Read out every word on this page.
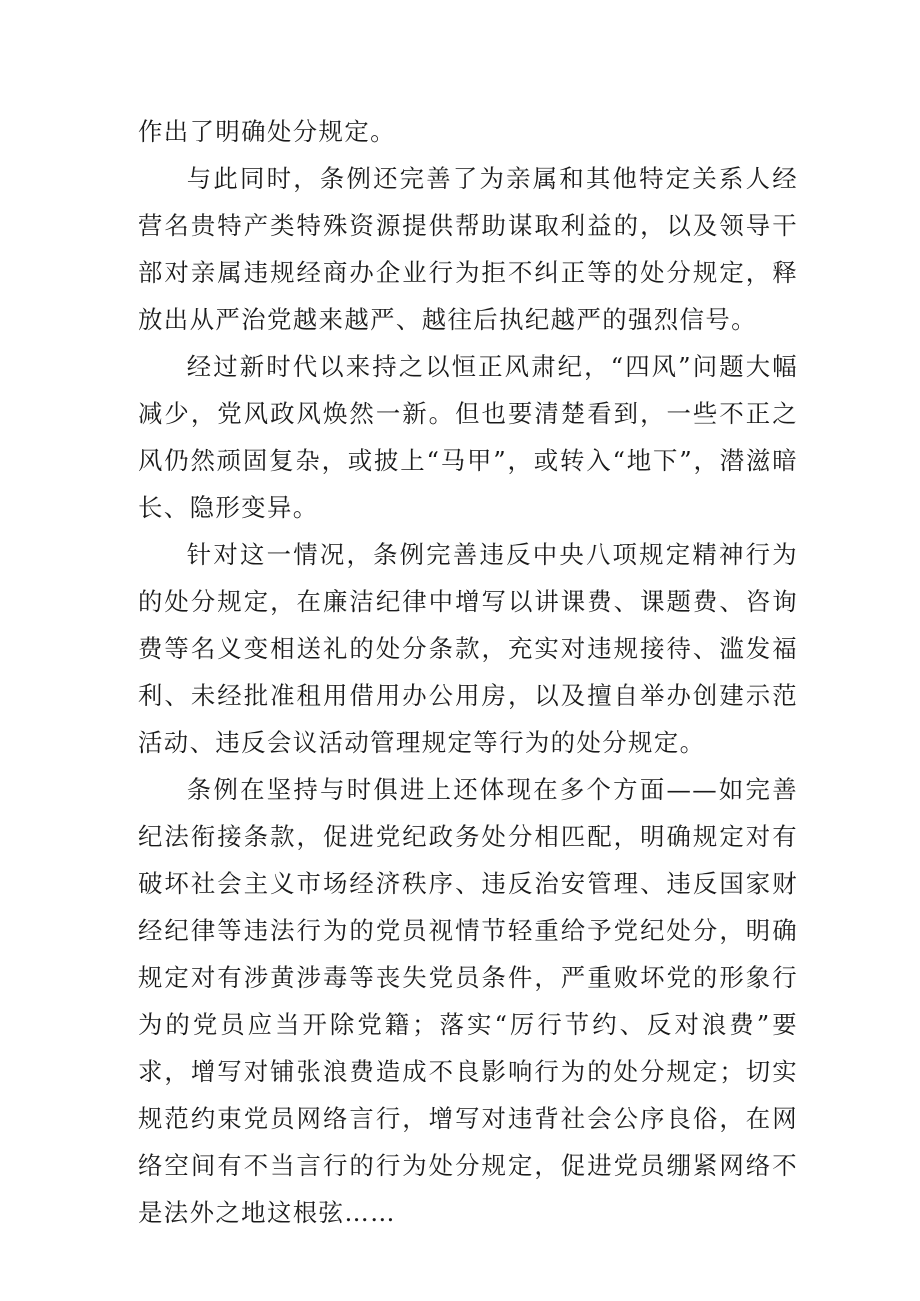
作出了明确处分规定。

与此同时，条例还完善了为亲属和其他特定关系人经营名贵特产类特殊资源提供帮助谋取利益的，以及领导干部对亲属违规经商办企业行为拒不纠正等的处分规定，释放出从严治党越来越严、越往后执纪越严的强烈信号。

经过新时代以来持之以恒正风肃纪，“四风”问题大幅减少，党风政风焕然一新。但也要清楚看到，一些不正之风仍然顽固复杂，或披上“马甲”，或转入“地下”，潜滋暗长、隐形变异。

针对这一情况，条例完善违反中央八项规定精神行为的处分规定，在廉洁纪律中增写以讲课费、课题费、咨询费等名义变相送礼的处分条款，充实对违规接待、滥发福利、未经批准租用借用办公用房，以及擅自举办创建示范活动、违反会议活动管理规定等行为的处分规定。

条例在坚持与时俱进上还体现在多个方面——如完善纪法衔接条款，促进党纪政务处分相匹配，明确规定对有破坏社会主义市场经济秩序、违反治安管理、违反国家财经纪律等违法行为的党员视情节轻重给予党纪处分，明确规定对有涉黄涉毒等丧失党员条件，严重败坏党的形象行为的党员应当开除党籍；落实“厉行节约、反对浪费”要求，增写对铺张浪费造成不良影响行为的处分规定；切实规范约束党员网络言行，增写对违背社会公序良俗，在网络空间有不当言行的行为处分规定，促进党员绷紧网络不是法外之地这根弦……
